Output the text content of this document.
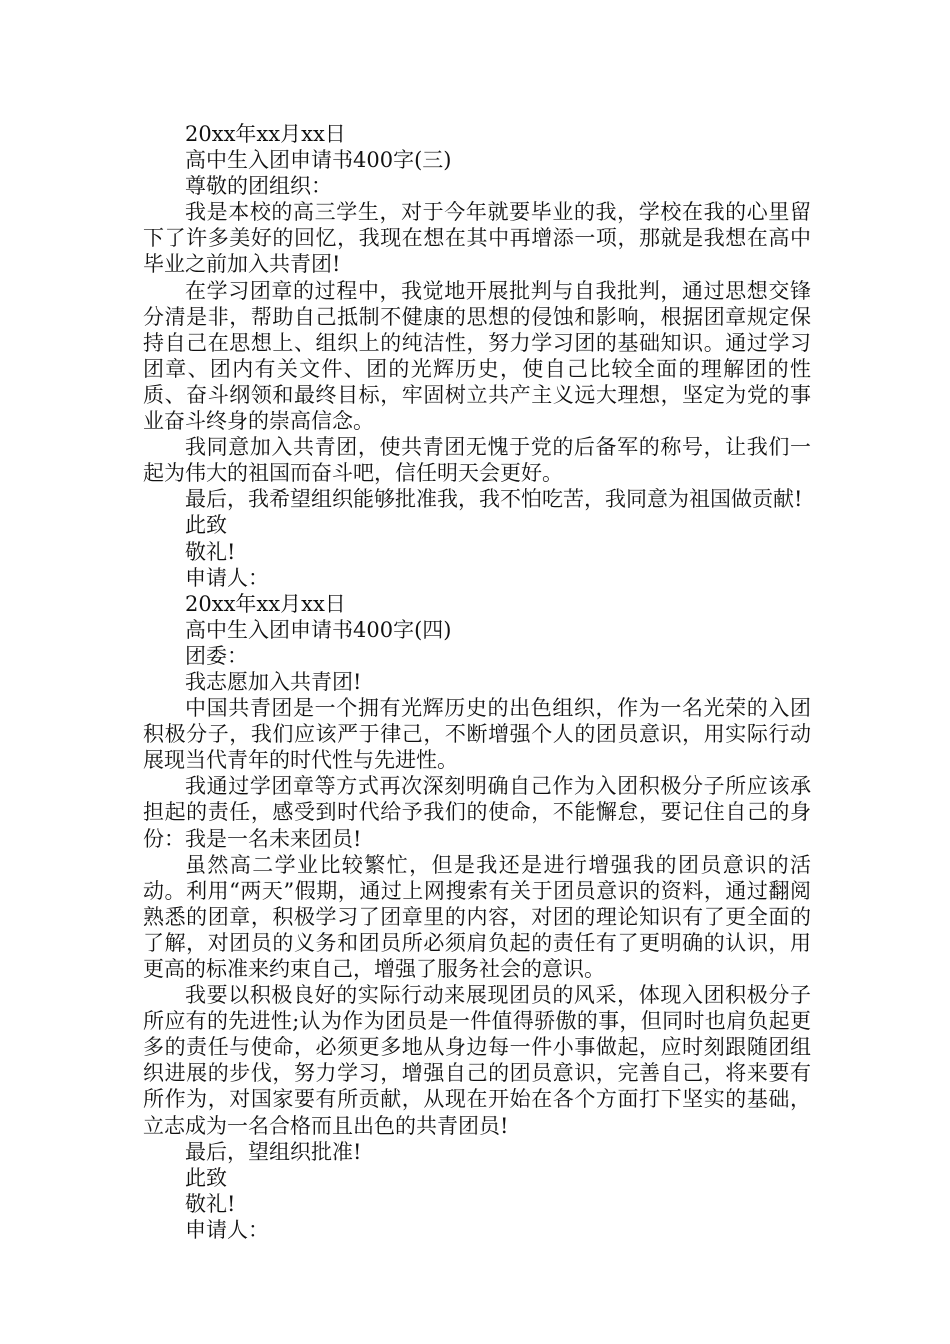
20xx年xx月xx日

高中生入团申请书400字(三)

尊敬的团组织：

我是本校的高三学生，对于今年就要毕业的我，学校在我的心里留下了许多美好的回忆，我现在想在其中再增添一项，那就是我想在高中毕业之前加入共青团!

在学习团章的过程中，我觉地开展批判与自我批判，通过思想交锋分清是非，帮助自己抵制不健康的思想的侵蚀和影响，根据团章规定保持自己在思想上、组织上的纯洁性，努力学习团的基础知识。通过学习团章、团内有关文件、团的光辉历史，使自己比较全面的理解团的性质、奋斗纲领和最终目标，牢固树立共产主义远大理想，坚定为党的事业奋斗终身的崇高信念。

我同意加入共青团，使共青团无愧于党的后备军的称号，让我们一起为伟大的祖国而奋斗吧，信任明天会更好。

最后，我希望组织能够批准我，我不怕吃苦，我同意为祖国做贡献!

此致

敬礼!

申请人：

20xx年xx月xx日

高中生入团申请书400字(四)

团委：

我志愿加入共青团!

中国共青团是一个拥有光辉历史的出色组织，作为一名光荣的入团积极分子，我们应该严于律己，不断增强个人的团员意识，用实际行动展现当代青年的时代性与先进性。

我通过学团章等方式再次深刻明确自己作为入团积极分子所应该承担起的责任，感受到时代给予我们的使命，不能懈怠，要记住自己的身份：我是一名未来团员!

虽然高二学业比较繁忙，但是我还是进行增强我的团员意识的活动。利用“两天”假期，通过上网搜索有关于团员意识的资料，通过翻阅熟悉的团章，积极学习了团章里的内容，对团的理论知识有了更全面的了解，对团员的义务和团员所必须肩负起的责任有了更明确的认识，用更高的标准来约束自己，增强了服务社会的意识。

我要以积极良好的实际行动来展现团员的风采，体现入团积极分子所应有的先进性;认为作为团员是一件值得骄傲的事，但同时也肩负起更多的责任与使命，必须更多地从身边每一件小事做起，应时刻跟随团组织进展的步伐，努力学习，增强自己的团员意识，完善自己，将来要有所作为，对国家要有所贡献，从现在开始在各个方面打下坚实的基础，立志成为一名合格而且出色的共青团员!

最后，望组织批准!

此致

敬礼!

申请人：
